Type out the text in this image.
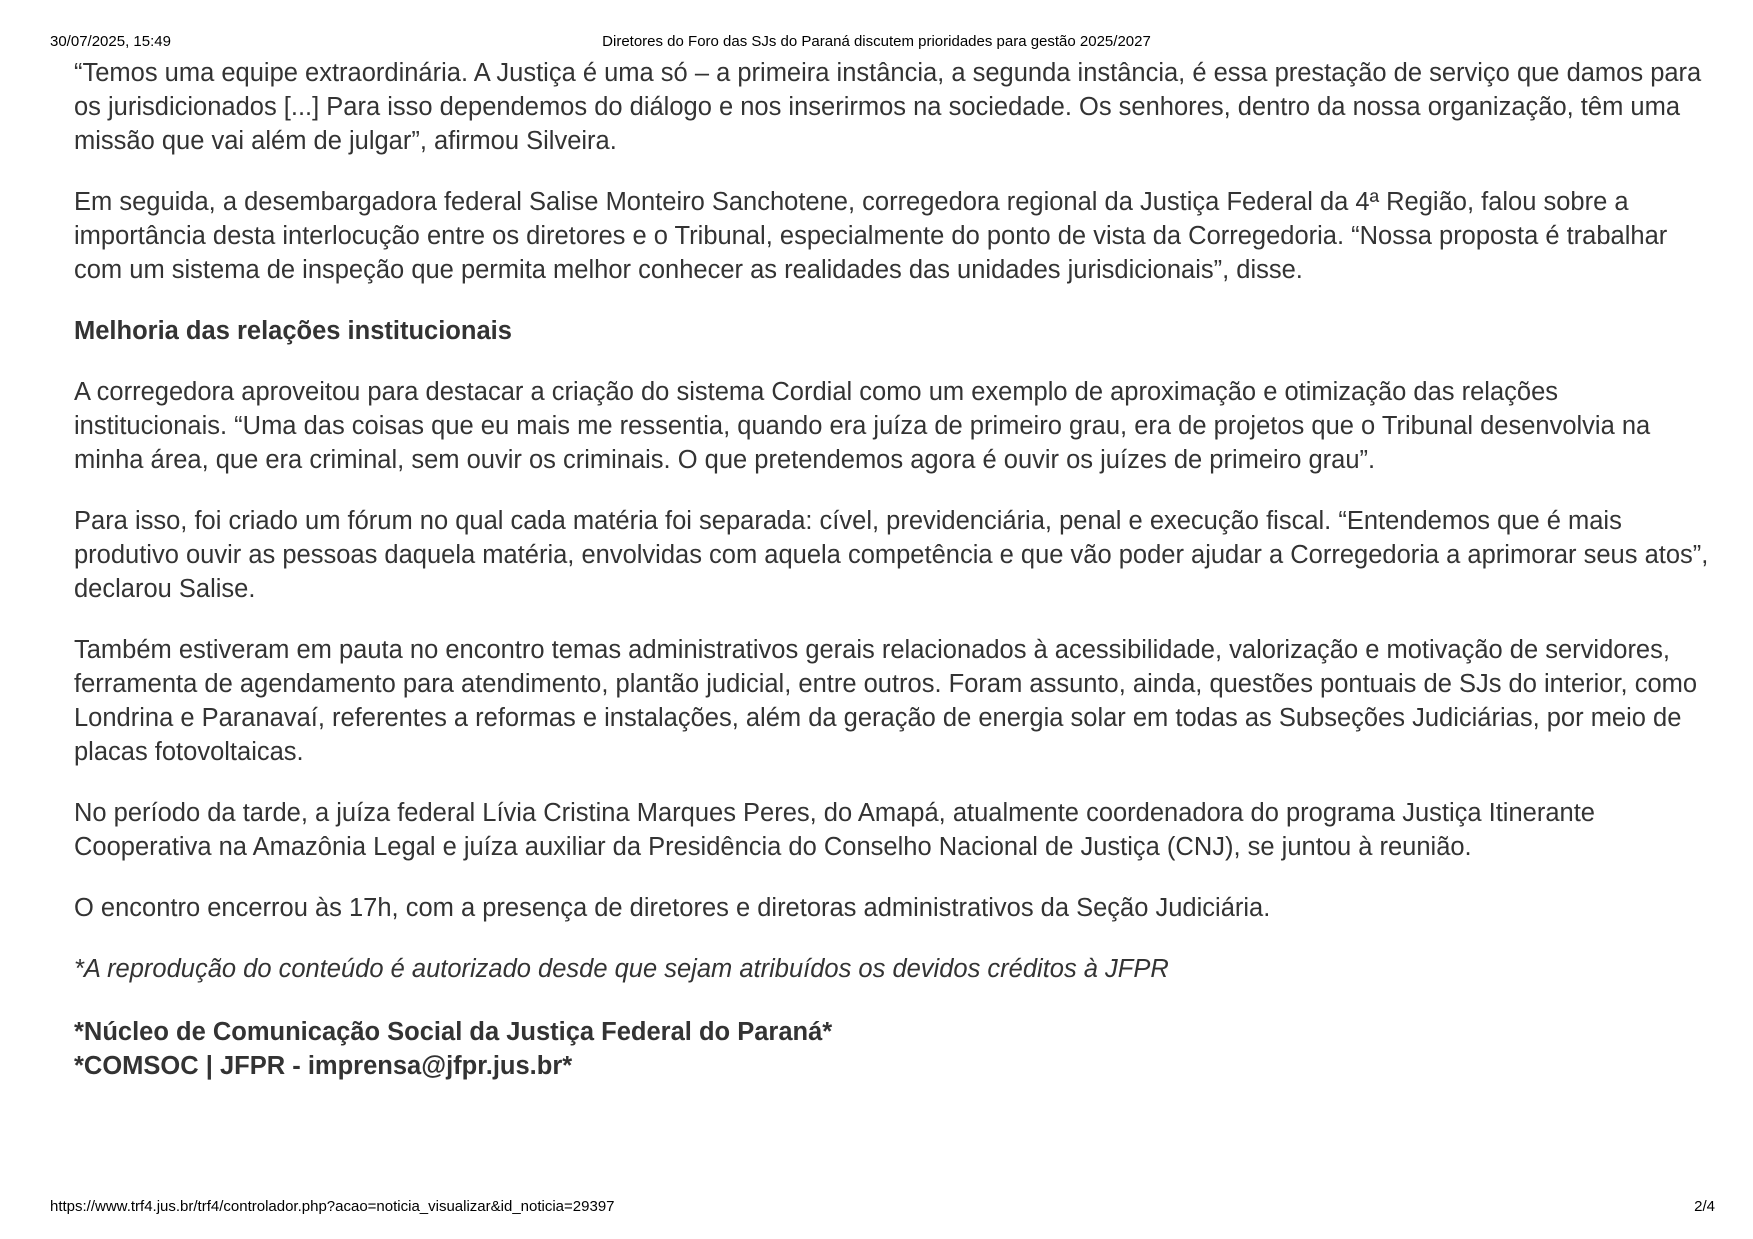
Diretores do Foro das SJs do Paraná discutem prioridades para gestão 2025/2027
30/07/2025, 15:49

“Temos uma equipe extraordinária. A Justiça é uma só – a primeira instância, a segunda instância, é essa prestação de serviço que damos para os jurisdicionados [...] Para isso dependemos do diálogo e nos inserirmos na sociedade. Os senhores, dentro da nossa organização, têm uma missão que vai além de julgar”, afirmou Silveira.

Em seguida, a desembargadora federal Salise Monteiro Sanchotene, corregedora regional da Justiça Federal da 4ª Região, falou sobre a importância desta interlocução entre os diretores e o Tribunal, especialmente do ponto de vista da Corregedoria. “Nossa proposta é trabalhar com um sistema de inspeção que permita melhor conhecer as realidades das unidades jurisdicionais”, disse.

Melhoria das relações institucionais

A corregedora aproveitou para destacar a criação do sistema Cordial como um exemplo de aproximação e otimização das relações institucionais. “Uma das coisas que eu mais me ressentia, quando era juíza de primeiro grau, era de projetos que o Tribunal desenvolvia na minha área, que era criminal, sem ouvir os criminais. O que pretendemos agora é ouvir os juízes de primeiro grau”.

Para isso, foi criado um fórum no qual cada matéria foi separada: cível, previdenciária, penal e execução fiscal. “Entendemos que é mais produtivo ouvir as pessoas daquela matéria, envolvidas com aquela competência e que vão poder ajudar a Corregedoria a aprimorar seus atos”, declarou Salise.

Também estiveram em pauta no encontro temas administrativos gerais relacionados à acessibilidade, valorização e motivação de servidores, ferramenta de agendamento para atendimento, plantão judicial, entre outros. Foram assunto, ainda, questões pontuais de SJs do interior, como Londrina e Paranavaí, referentes a reformas e instalações, além da geração de energia solar em todas as Subseções Judiciárias, por meio de placas fotovoltaicas.

No período da tarde, a juíza federal Lívia Cristina Marques Peres, do Amapá, atualmente coordenadora do programa Justiça Itinerante Cooperativa na Amazônia Legal e juíza auxiliar da Presidência do Conselho Nacional de Justiça (CNJ), se juntou à reunião.

O encontro encerrou às 17h, com a presença de diretores e diretoras administrativos da Seção Judiciária.

*A reprodução do conteúdo é autorizado desde que sejam atribuídos os devidos créditos à JFPR

*Núcleo de Comunicação Social da Justiça Federal do Paraná*
*COMSOC | JFPR - imprensa@jfpr.jus.br*

https://www.trf4.jus.br/trf4/controlador.php?acao=noticia_visualizar&id_noticia=29397	2/4
